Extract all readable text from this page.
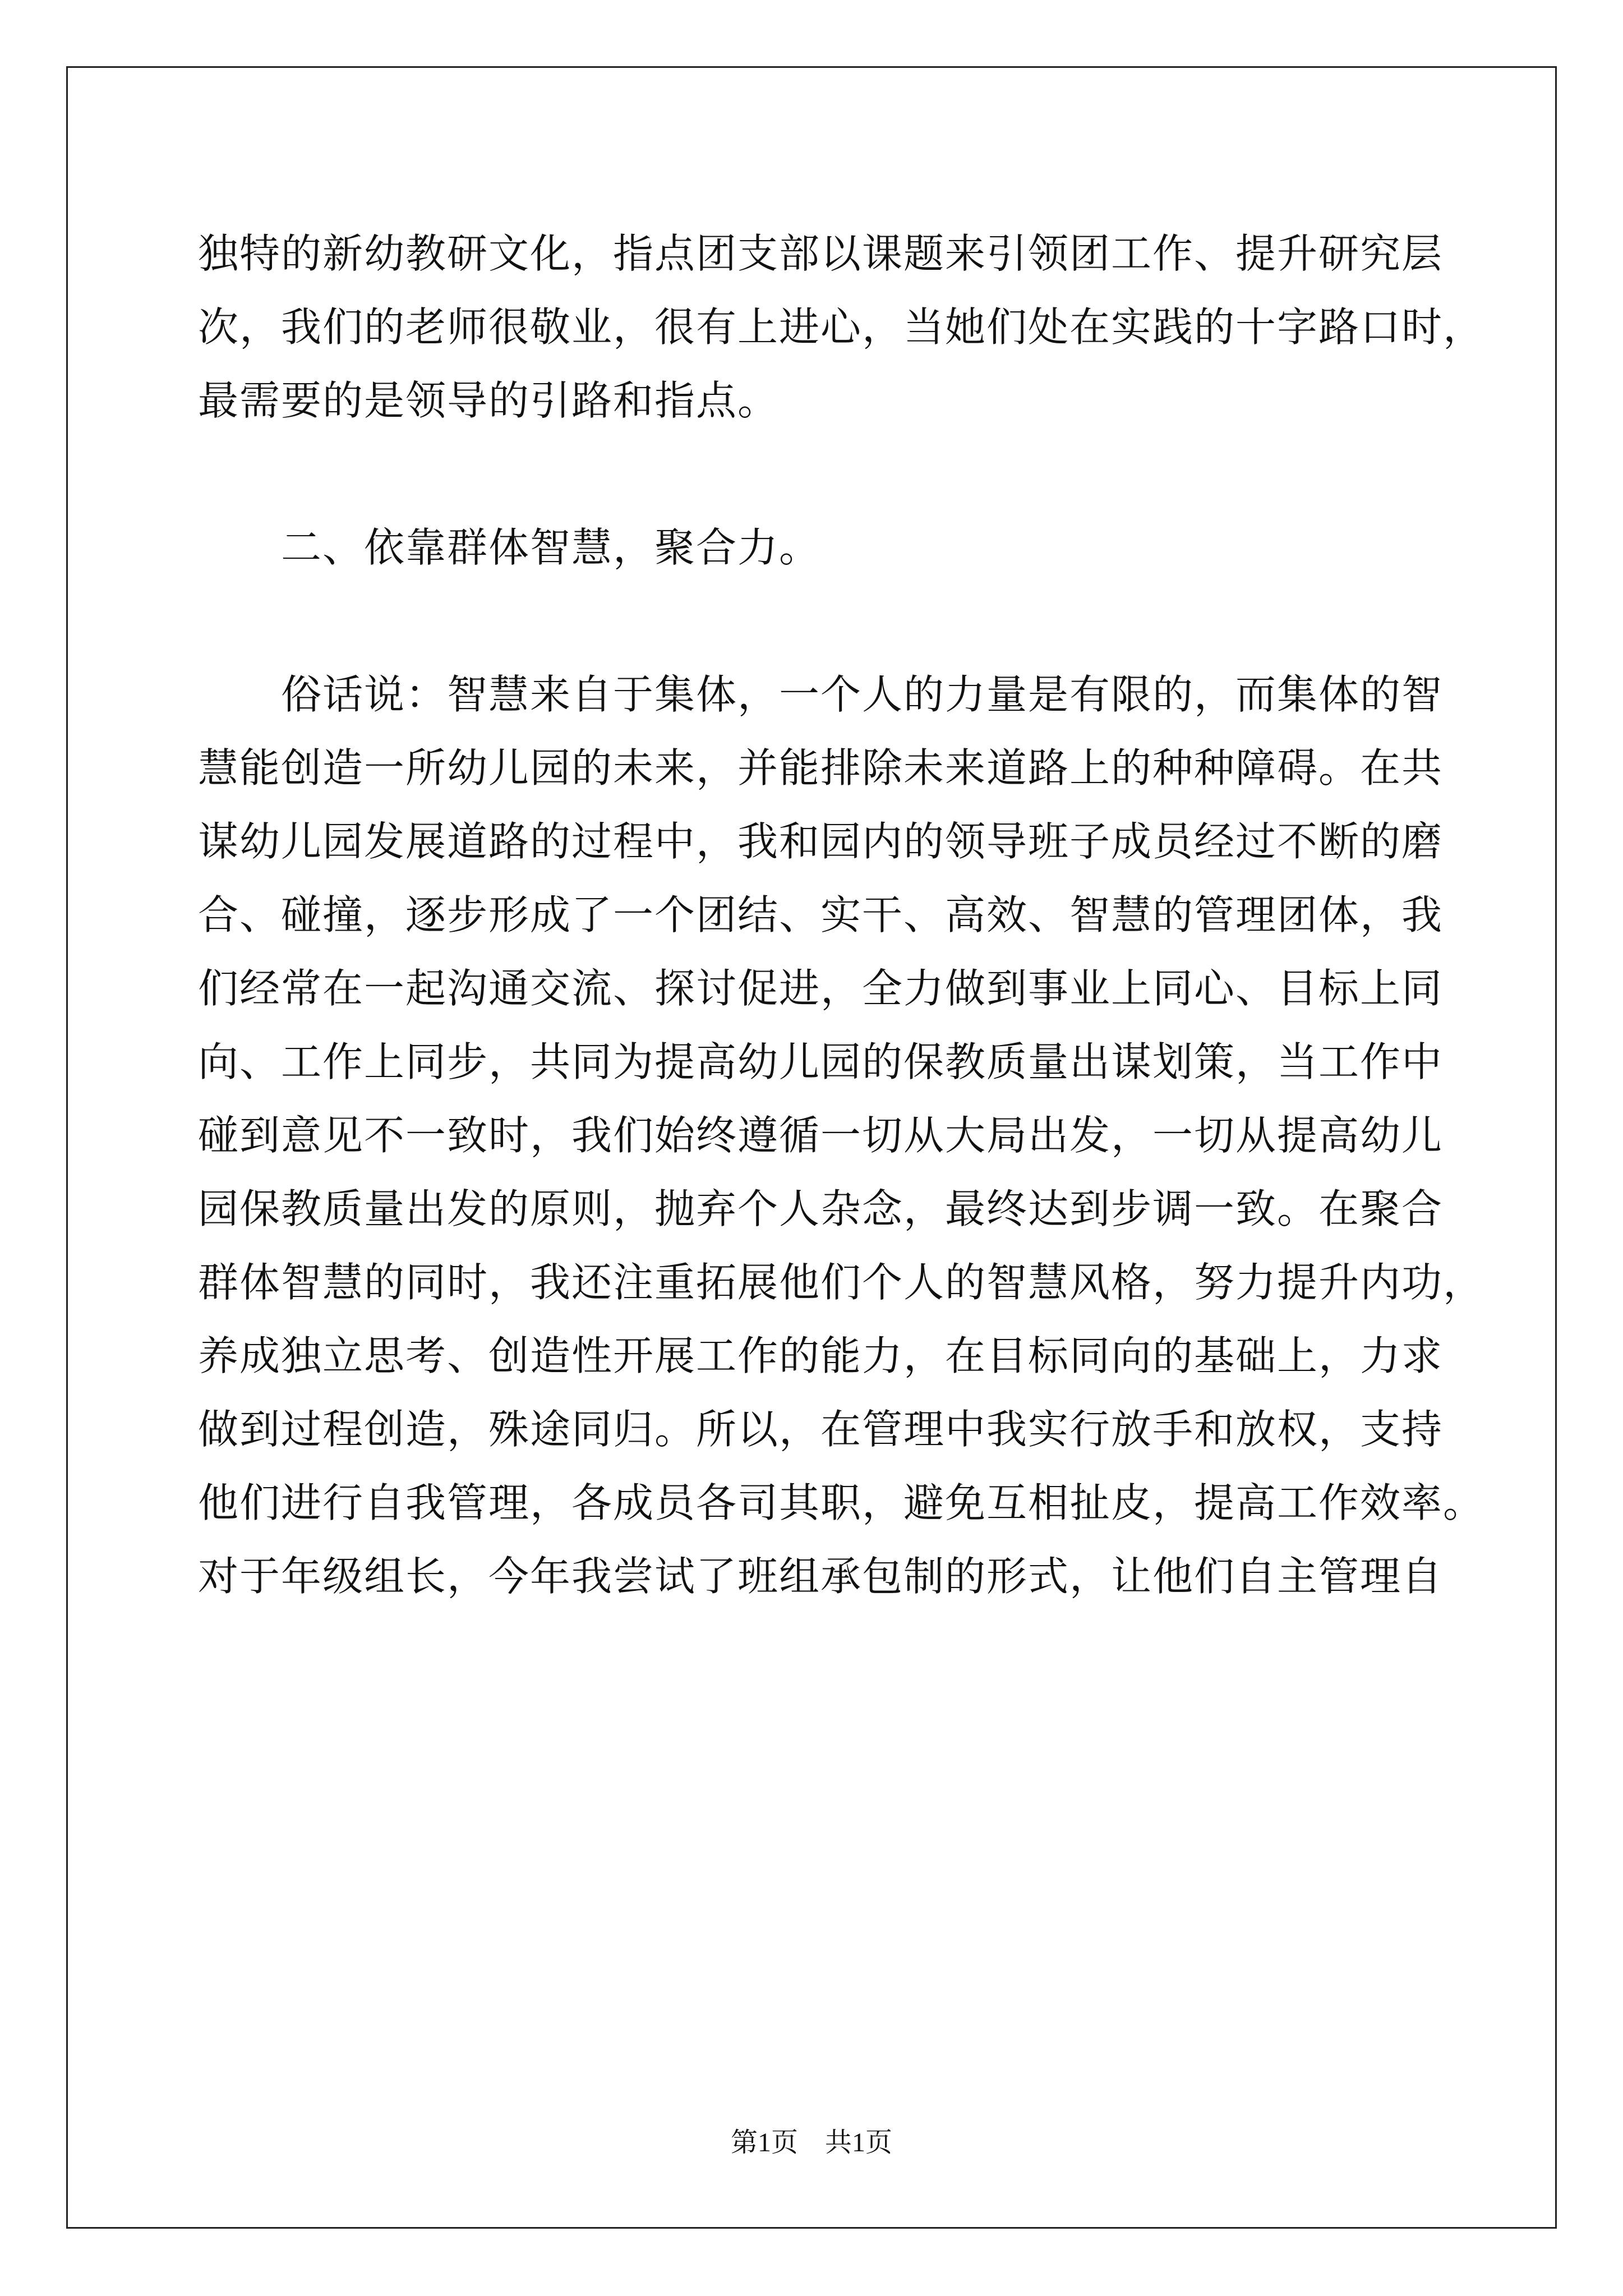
独特的新幼教研文化，指点团支部以课题来引领团工作、提升研究层
次，我们的老师很敬业，很有上进心，当她们处在实践的十字路口时，
最需要的是领导的引路和指点。
　　二、依靠群体智慧，聚合力。
　　俗话说：智慧来自于集体，一个人的力量是有限的，而集体的智
慧能创造一所幼儿园的未来，并能排除未来道路上的种种障碍。在共
谋幼儿园发展道路的过程中，我和园内的领导班子成员经过不断的磨
合、碰撞，逐步形成了一个团结、实干、高效、智慧的管理团体，我
们经常在一起沟通交流、探讨促进，全力做到事业上同心、目标上同
向、工作上同步，共同为提高幼儿园的保教质量出谋划策，当工作中
碰到意见不一致时，我们始终遵循一切从大局出发，一切从提高幼儿
园保教质量出发的原则，抛弃个人杂念，最终达到步调一致。在聚合
群体智慧的同时，我还注重拓展他们个人的智慧风格，努力提升内功，
养成独立思考、创造性开展工作的能力，在目标同向的基础上，力求
做到过程创造，殊途同归。所以，在管理中我实行放手和放权，支持
他们进行自我管理，各成员各司其职，避免互相扯皮，提高工作效率。
对于年级组长，今年我尝试了班组承包制的形式，让他们自主管理自
第1页 共1页
